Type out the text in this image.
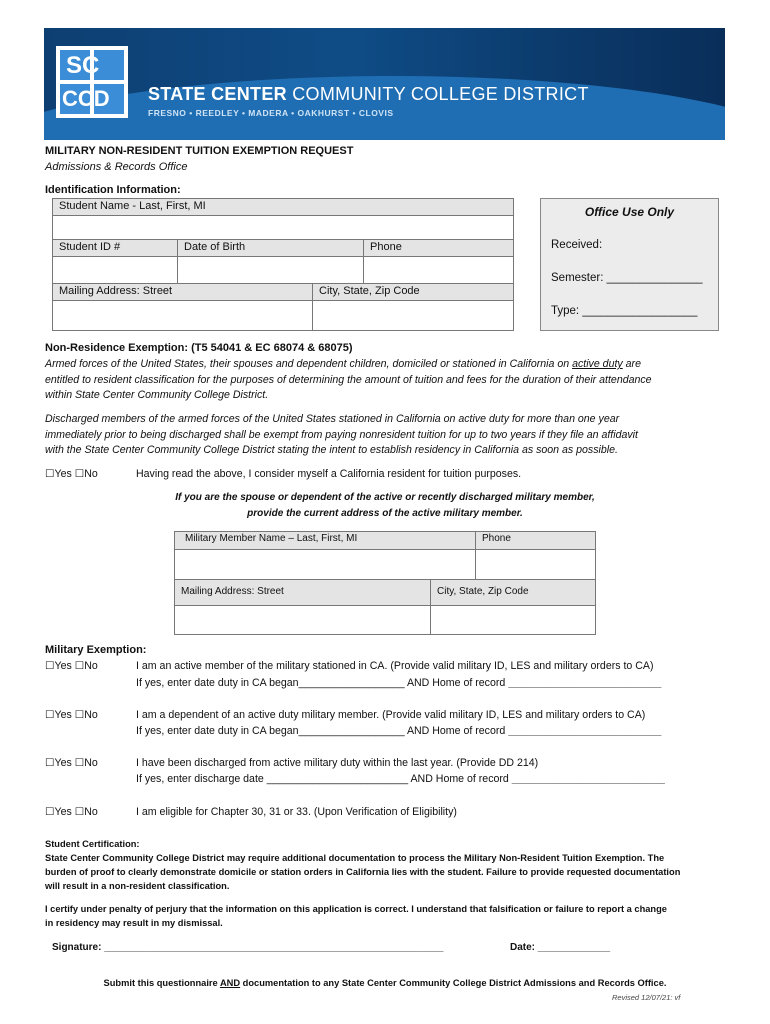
SC
CCD STATE CENTER COMMUNITY COLLEGE DISTRICT
FRESNO • REEDLEY • MADERA • OAKHURST • CLOVIS
MILITARY NON-RESIDENT TUITION EXEMPTION REQUEST
Admissions & Records Office
Identification Information:
Student Name - Last, First, MI
Student ID #	Date of Birth	Phone
Mailing Address: Street	City, State, Zip Code
Office Use Only
Received:
Semester: _______________
Type: __________________
Non-Residence Exemption: (T5 54041 & EC 68074 & 68075)
Armed forces of the United States, their spouses and dependent children, domiciled or stationed in California on active duty are
entitled to resident classification for the purposes of determining the amount of tuition and fees for the duration of their attendance
within State Center Community College District.
Discharged members of the armed forces of the United States stationed in California on active duty for more than one year
immediately prior to being discharged shall be exempt from paying nonresident tuition for up to two years if they file an affidavit
with the State Center Community College District stating the intent to establish residency in California as soon as possible.
☐Yes ☐No	Having read the above, I consider myself a California resident for tuition purposes.
If you are the spouse or dependent of the active or recently discharged military member,
provide the current address of the active military member.
Military Member Name – Last, First, MI	Phone
Mailing Address: Street	City, State, Zip Code
Military Exemption:
☐Yes ☐No	I am an active member of the military stationed in CA. (Provide valid military ID, LES and military orders to CA)
If yes, enter date duty in CA began__________________ AND Home of record __________________________
☐Yes ☐No	I am a dependent of an active duty military member. (Provide valid military ID, LES and military orders to CA)
If yes, enter date duty in CA began__________________ AND Home of record __________________________
☐Yes ☐No	I have been discharged from active military duty within the last year. (Provide DD 214)
If yes, enter discharge date ________________________ AND Home of record __________________________
☐Yes ☐No	I am eligible for Chapter 30, 31 or 33. (Upon Verification of Eligibility)
Student Certification:
State Center Community College District may require additional documentation to process the Military Non-Resident Tuition Exemption. The
burden of proof to clearly demonstrate domicile or station orders in California lies with the student. Failure to provide requested documentation
will result in a non-resident classification.
I certify under penalty of perjury that the information on this application is correct. I understand that falsification or failure to report a change
in residency may result in my dismissal.
Signature: _____________________________________________________________	Date: _____________
Submit this questionnaire AND documentation to any State Center Community College District Admissions and Records Office.
Revised 12/07/21: vf
